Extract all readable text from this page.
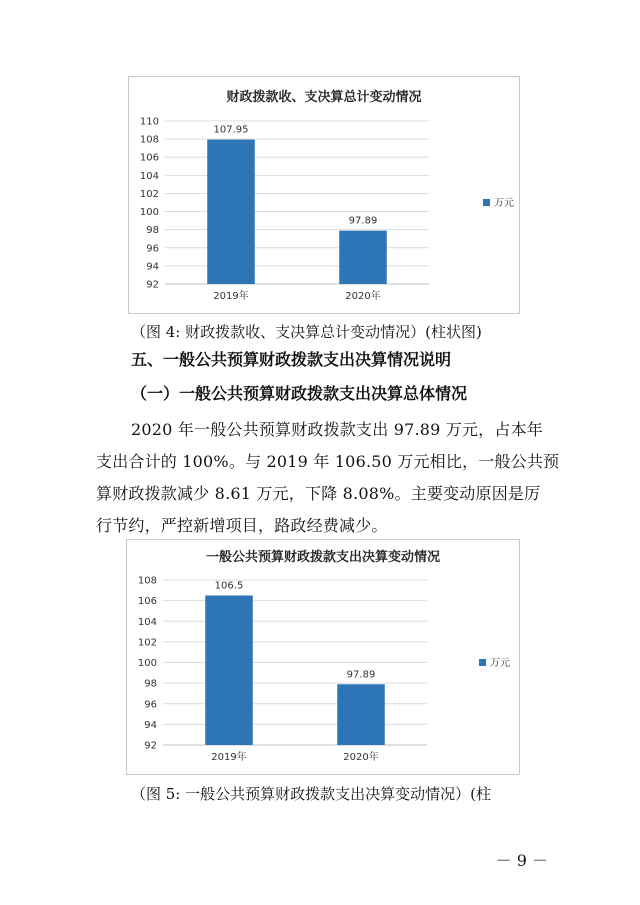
财政拨款收、支决算总计变动情况
92
94
96
98
100
102
104
106
108
110
107.95
2019年
97.89
2020年
万元
（图 4: 财政拨款收、支决算总计变动情况）(柱状图)
五、一般公共预算财政拨款支出决算情况说明
（一）一般公共预算财政拨款支出决算总体情况
2020 年一般公共预算财政拨款支出 97.89 万元，占本年
支出合计的 100%。与 2019 年 106.50 万元相比，一般公共预
算财政拨款减少 8.61 万元，下降 8.08%。主要变动原因是厉
行节约，严控新增项目，路政经费减少。
一般公共预算财政拨款支出决算变动情况
92
94
96
98
100
102
104
106
108	106.5
2019年
97.89
2020年
万元
（图 5: 一般公共预算财政拨款支出决算变动情况）(柱
－ 9 －
